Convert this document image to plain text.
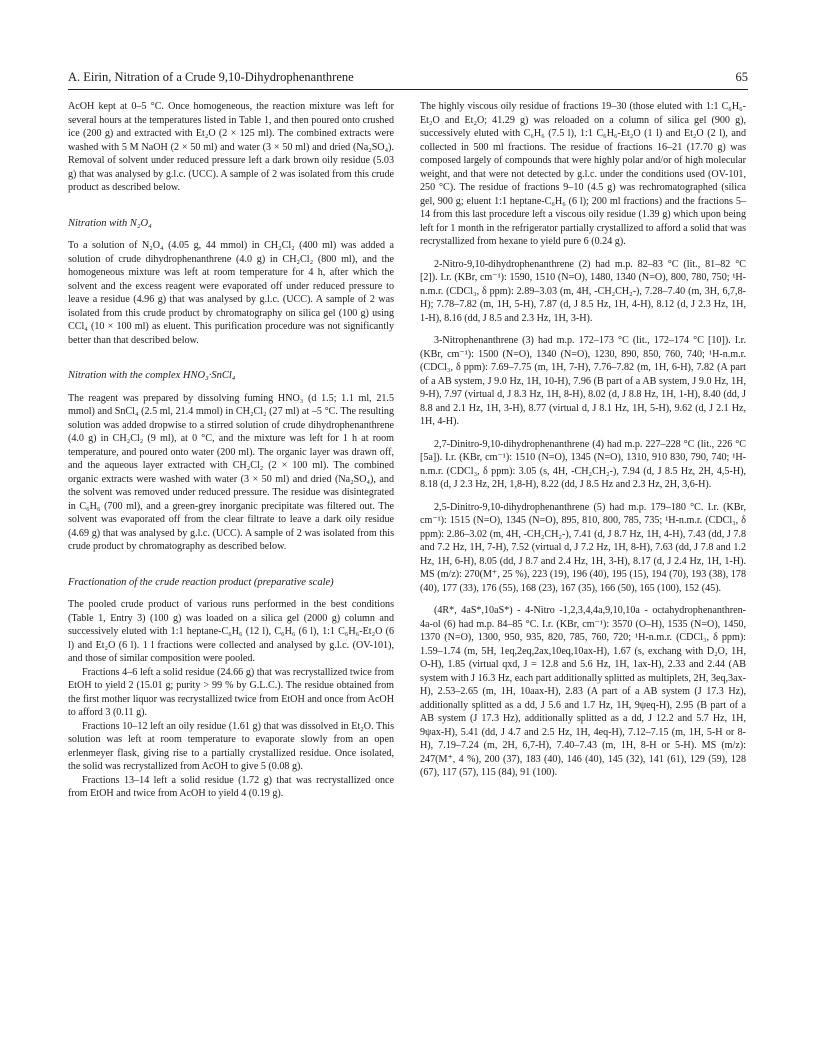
A. Eirin, Nitration of a Crude 9,10-Dihydrophenanthrene	65

AcOH kept at 0–5 °C. Once homogeneous, the reaction mixture was left for several hours at the temperatures listed in Table 1, and then poured onto crushed ice (200 g) and extracted with Et₂O (2 × 125 ml). The combined extracts were washed with 5 M NaOH (2 × 50 ml) and water (3 × 50 ml) and dried (Na₂SO₄). Removal of solvent under reduced pressure left a dark brown oily residue (5.03 g) that was analysed by g.l.c. (UCC). A sample of 2 was isolated from this crude product as described below.

Nitration with N₂O₄

To a solution of N₂O₄ (4.05 g, 44 mmol) in CH₂Cl₂ (400 ml) was added a solution of crude dihydrophenanthrene (4.0 g) in CH₂Cl₂ (800 ml), and the homogeneous mixture was left at room temperature for 4 h, after which the solvent and the excess reagent were evaporated off under reduced pressure to leave a residue (4.96 g) that was analysed by g.l.c. (UCC). A sample of 2 was isolated from this crude product by chromatography on silica gel (100 g) using CCl₄ (10 × 100 ml) as eluent. This purification procedure was not significantly better than that described below.

Nitration with the complex HNO₃·SnCl₄

The reagent was prepared by dissolving fuming HNO₃ (d 1.5; 1.1 ml, 21.5 mmol) and SnCl₄ (2.5 ml, 21.4 mmol) in CH₂Cl₂ (27 ml) at –5 °C. The resulting solution was added dropwise to a stirred solution of crude dihydrophenanthrene (4.0 g) in CH₂Cl₂ (9 ml), at 0 °C, and the mixture was left for 1 h at room temperature, and poured onto water (200 ml). The organic layer was drawn off, and the aqueous layer extracted with CH₂Cl₂ (2 × 100 ml). The combined organic extracts were washed with water (3 × 50 ml) and dried (Na₂SO₄), and the solvent was removed under reduced pressure. The residue was disintegrated in C₆H₆ (700 ml), and a green-grey inorganic precipitate was filtered out. The solvent was evaporated off from the clear filtrate to leave a dark oily residue (4.69 g) that was analysed by g.l.c. (UCC). A sample of 2 was isolated from this crude product by chromatography as described below.

Fractionation of the crude reaction product (preparative scale)

The pooled crude product of various runs performed in the best conditions (Table 1, Entry 3) (100 g) was loaded on a silica gel (2000 g) column and successively eluted with 1:1 heptane-C₆H₆ (12 l), C₆H₆ (6 l), 1:1 C₆H₆-Et₂O (6 l) and Et₂O (6 l). 1 l fractions were collected and analysed by g.l.c. (OV-101), and those of similar composition were pooled.

Fractions 4–6 left a solid residue (24.66 g) that was recrystallized twice from EtOH to yield 2 (15.01 g; purity > 99 % by G.L.C.). The residue obtained from the first mother liquor was recrystallized twice from EtOH and once from AcOH to afford 3 (0.11 g).

Fractions 10–12 left an oily residue (1.61 g) that was dissolved in Et₂O. This solution was left at room temperature to evaporate slowly from an open erlenmeyer flask, giving rise to a partially crystallized residue. Once isolated, the solid was recrystallized from AcOH to give 5 (0.08 g).

Fractions 13–14 left a solid residue (1.72 g) that was recrystallized once from EtOH and twice from AcOH to yield 4 (0.19 g).

The highly viscous oily residue of fractions 19–30 (those eluted with 1:1 C₆H₆-Et₂O and Et₂O; 41.29 g) was reloaded on a column of silica gel (900 g), successively eluted with C₆H₆ (7.5 l), 1:1 C₆H₆-Et₂O (1 l) and Et₂O (2 l), and collected in 500 ml fractions. The residue of fractions 16–21 (17.70 g) was composed largely of compounds that were highly polar and/or of high molecular weight, and that were not detected by g.l.c. under the conditions used (OV-101, 250 °C). The residue of fractions 9–10 (4.5 g) was rechromatographed (silica gel, 900 g; eluent 1:1 heptane-C₆H₆ (6 l); 200 ml fractions) and the fractions 5–14 from this last procedure left a viscous oily residue (1.39 g) which upon being left for 1 month in the refrigerator partially crystallized to afford a solid that was recrystallized from hexane to yield pure 6 (0.24 g).

2-Nitro-9,10-dihydrophenanthrene (2) had m.p. 82–83 °C (lit., 81–82 °C [2]). I.r. (KBr, cm⁻¹): 1590, 1510 (N=O), 1480, 1340 (N=O), 800, 780, 750; ¹H-n.m.r. (CDCl₃, δ ppm): 2.89–3.03 (m, 4H, -CH₂CH₂-), 7.28–7.40 (m, 3H, 6,7,8-H); 7.78–7.82 (m, 1H, 5-H), 7.87 (d, J 8.5 Hz, 1H, 4-H), 8.12 (d, J 2.3 Hz, 1H, 1-H), 8.16 (dd, J 8.5 and 2.3 Hz, 1H, 3-H).

3-Nitrophenanthrene (3) had m.p. 172–173 °C (lit., 172–174 °C [10]). I.r. (KBr, cm⁻¹): 1500 (N=O), 1340 (N=O), 1230, 890, 850, 760, 740; ¹H-n.m.r. (CDCl₃, δ ppm): 7.69–7.75 (m, 1H, 7-H), 7.76–7.82 (m, 1H, 6-H), 7.82 (A part of a AB system, J 9.0 Hz, 1H, 10-H), 7.96 (B part of a AB system, J 9.0 Hz, 1H, 9-H), 7.97 (virtual d, J 8.3 Hz, 1H, 8-H), 8.02 (d, J 8.8 Hz, 1H, 1-H), 8.40 (dd, J 8.8 and 2.1 Hz, 1H, 3-H), 8.77 (virtual d, J 8.1 Hz, 1H, 5-H), 9.62 (d, J 2.1 Hz, 1H, 4-H).

2,7-Dinitro-9,10-dihydrophenanthrene (4) had m.p. 227–228 °C (lit., 226 °C [5a]). I.r. (KBr, cm⁻¹): 1510 (N=O), 1345 (N=O), 1310, 910 830, 790, 740; ¹H-n.m.r. (CDCl₃, δ ppm): 3.05 (s, 4H, -CH₂CH₂-), 7.94 (d, J 8.5 Hz, 2H, 4,5-H), 8.18 (d, J 2.3 Hz, 2H, 1,8-H), 8.22 (dd, J 8.5 Hz and 2.3 Hz, 2H, 3,6-H).

2,5-Dinitro-9,10-dihydrophenanthrene (5) had m.p. 179–180 °C. I.r. (KBr, cm⁻¹): 1515 (N=O), 1345 (N=O), 895, 810, 800, 785, 735; ¹H-n.m.r. (CDCl₃, δ ppm): 2.86–3.02 (m, 4H, -CH₂CH₂-), 7.41 (d, J 8.7 Hz, 1H, 4-H), 7.43 (dd, J 7.8 and 7.2 Hz, 1H, 7-H), 7.52 (virtual d, J 7.2 Hz, 1H, 8-H), 7.63 (dd, J 7.8 and 1.2 Hz, 1H, 6-H), 8.05 (dd, J 8.7 and 2.4 Hz, 1H, 3-H), 8.17 (d, J 2.4 Hz, 1H, 1-H). MS (m/z): 270(M⁺, 25 %), 223 (19), 196 (40), 195 (15), 194 (70), 193 (38), 178 (40), 177 (33), 176 (55), 168 (23), 167 (35), 166 (50), 165 (100), 152 (45).

(4R*, 4aS*,10aS*) - 4-Nitro -1,2,3,4,4a,9,10,10a - octahydrophenanthren-4a-ol (6) had m.p. 84–85 °C. I.r. (KBr, cm⁻¹): 3570 (O–H), 1535 (N=O), 1450, 1370 (N=O), 1300, 950, 935, 820, 785, 760, 720; ¹H-n.m.r. (CDCl₃, δ ppm): 1.59–1.74 (m, 5H, 1eq,2eq,2ax,10eq,10ax-H), 1.67 (s, exchang with D₂O, 1H, O-H), 1.85 (virtual qxd, J = 12.8 and 5.6 Hz, 1H, 1ax-H), 2.33 and 2.44 (AB system with J 16.3 Hz, each part additionally splitted as multiplets, 2H, 3eq,3ax-H), 2.53–2.65 (m, 1H, 10aax-H), 2.83 (A part of a AB system (J 17.3 Hz), additionally splitted as a dd, J 5.6 and 1.7 Hz, 1H, 9ψeq-H), 2.95 (B part of a AB system (J 17.3 Hz), additionally splitted as a dd, J 12.2 and 5.7 Hz, 1H, 9ψax-H), 5.41 (dd, J 4.7 and 2.5 Hz, 1H, 4eq-H), 7.12–7.15 (m, 1H, 5-H or 8-H), 7.19–7.24 (m, 2H, 6,7-H), 7.40–7.43 (m, 1H, 8-H or 5-H). MS (m/z): 247(M⁺, 4 %), 200 (37), 183 (40), 146 (40), 145 (32), 141 (61), 129 (59), 128 (67), 117 (57), 115 (84), 91 (100).
